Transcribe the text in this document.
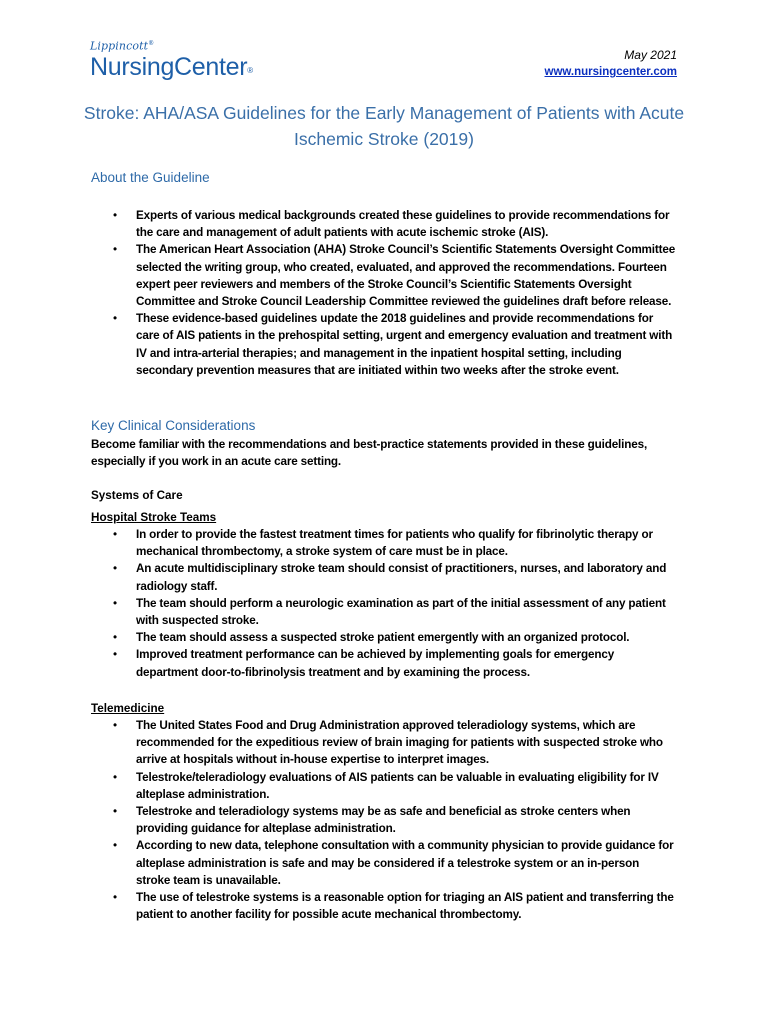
Lippincott®
NursingCenter®
May 2021
www.nursingcenter.com
Stroke: AHA/ASA Guidelines for the Early Management of Patients with Acute Ischemic Stroke (2019)
About the Guideline
• Experts of various medical backgrounds created these guidelines to provide recommendations for the care and management of adult patients with acute ischemic stroke (AIS).
• The American Heart Association (AHA) Stroke Council’s Scientific Statements Oversight Committee selected the writing group, who created, evaluated, and approved the recommendations. Fourteen expert peer reviewers and members of the Stroke Council’s Scientific Statements Oversight Committee and Stroke Council Leadership Committee reviewed the guidelines draft before release.
• These evidence-based guidelines update the 2018 guidelines and provide recommendations for care of AIS patients in the prehospital setting, urgent and emergency evaluation and treatment with IV and intra-arterial therapies; and management in the inpatient hospital setting, including secondary prevention measures that are initiated within two weeks after the stroke event.
Key Clinical Considerations

Become familiar with the recommendations and best-practice statements provided in these guidelines, especially if you work in an acute care setting.

Systems of Care

Hospital Stroke Teams

• In order to provide the fastest treatment times for patients who qualify for fibrinolytic therapy or mechanical thrombectomy, a stroke system of care must be in place.
• An acute multidisciplinary stroke team should consist of practitioners, nurses, and laboratory and radiology staff.
• The team should perform a neurologic examination as part of the initial assessment of any patient with suspected stroke.
• The team should assess a suspected stroke patient emergently with an organized protocol.
• Improved treatment performance can be achieved by implementing goals for emergency department door-to-fibrinolysis treatment and by examining the process.

Telemedicine

• The United States Food and Drug Administration approved teleradiology systems, which are recommended for the expeditious review of brain imaging for patients with suspected stroke who arrive at hospitals without in-house expertise to interpret images.
• Telestroke/teleradiology evaluations of AIS patients can be valuable in evaluating eligibility for IV alteplase administration.
• Telestroke and teleradiology systems may be as safe and beneficial as stroke centers when providing guidance for alteplase administration.
• According to new data, telephone consultation with a community physician to provide guidance for alteplase administration is safe and may be considered if a telestroke system or an in-person stroke team is unavailable.
• The use of telestroke systems is a reasonable option for triaging an AIS patient and transferring the patient to another facility for possible acute mechanical thrombectomy.
